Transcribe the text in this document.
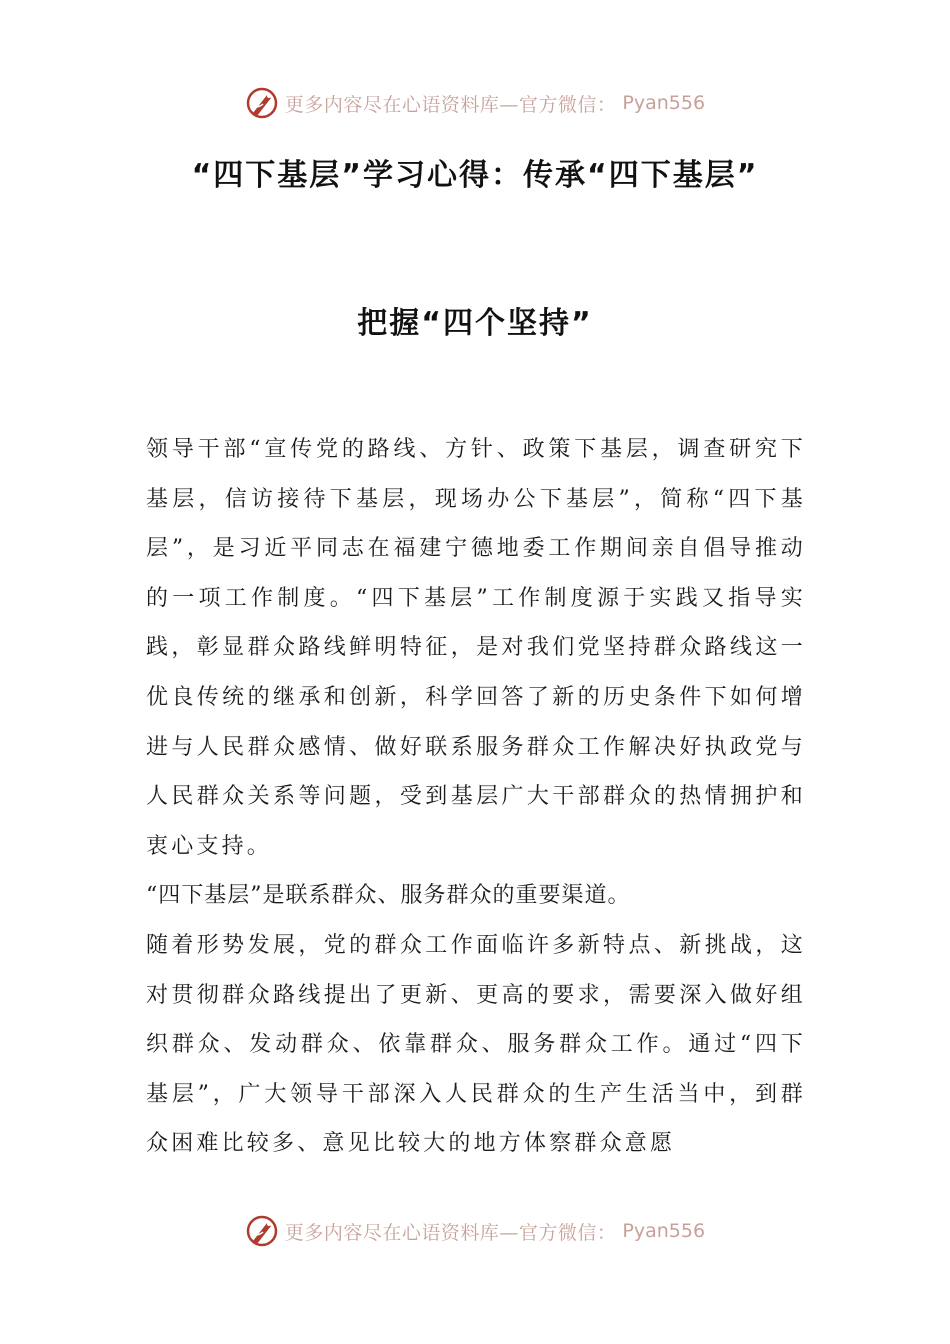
更多内容尽在心语资料库—官方微信： Pyan556
“四下基层”学习心得：传承“四下基层”
把握“四个坚持”

领导干部“宣传党的路线、方针、政策下基层，调查研究下基层，信访接待下基层，现场办公下基层”，简称“四下基层”，是习近平同志在福建宁德地委工作期间亲自倡导推动的一项工作制度。“四下基层”工作制度源于实践又指导实践，彰显群众路线鲜明特征，是对我们党坚持群众路线这一优良传统的继承和创新，科学回答了新的历史条件下如何增进与人民群众感情、做好联系服务群众工作解决好执政党与人民群众关系等问题，受到基层广大干部群众的热情拥护和衷心支持。

“四下基层”是联系群众、服务群众的重要渠道。

随着形势发展，党的群众工作面临许多新特点、新挑战，这对贯彻群众路线提出了更新、更高的要求，需要深入做好组织群众、发动群众、依靠群众、服务群众工作。通过“四下基层”，广大领导干部深入人民群众的生产生活当中，到群众困难比较多、意见比较大的地方体察群众意愿

更多内容尽在心语资料库—官方微信： Pyan556
